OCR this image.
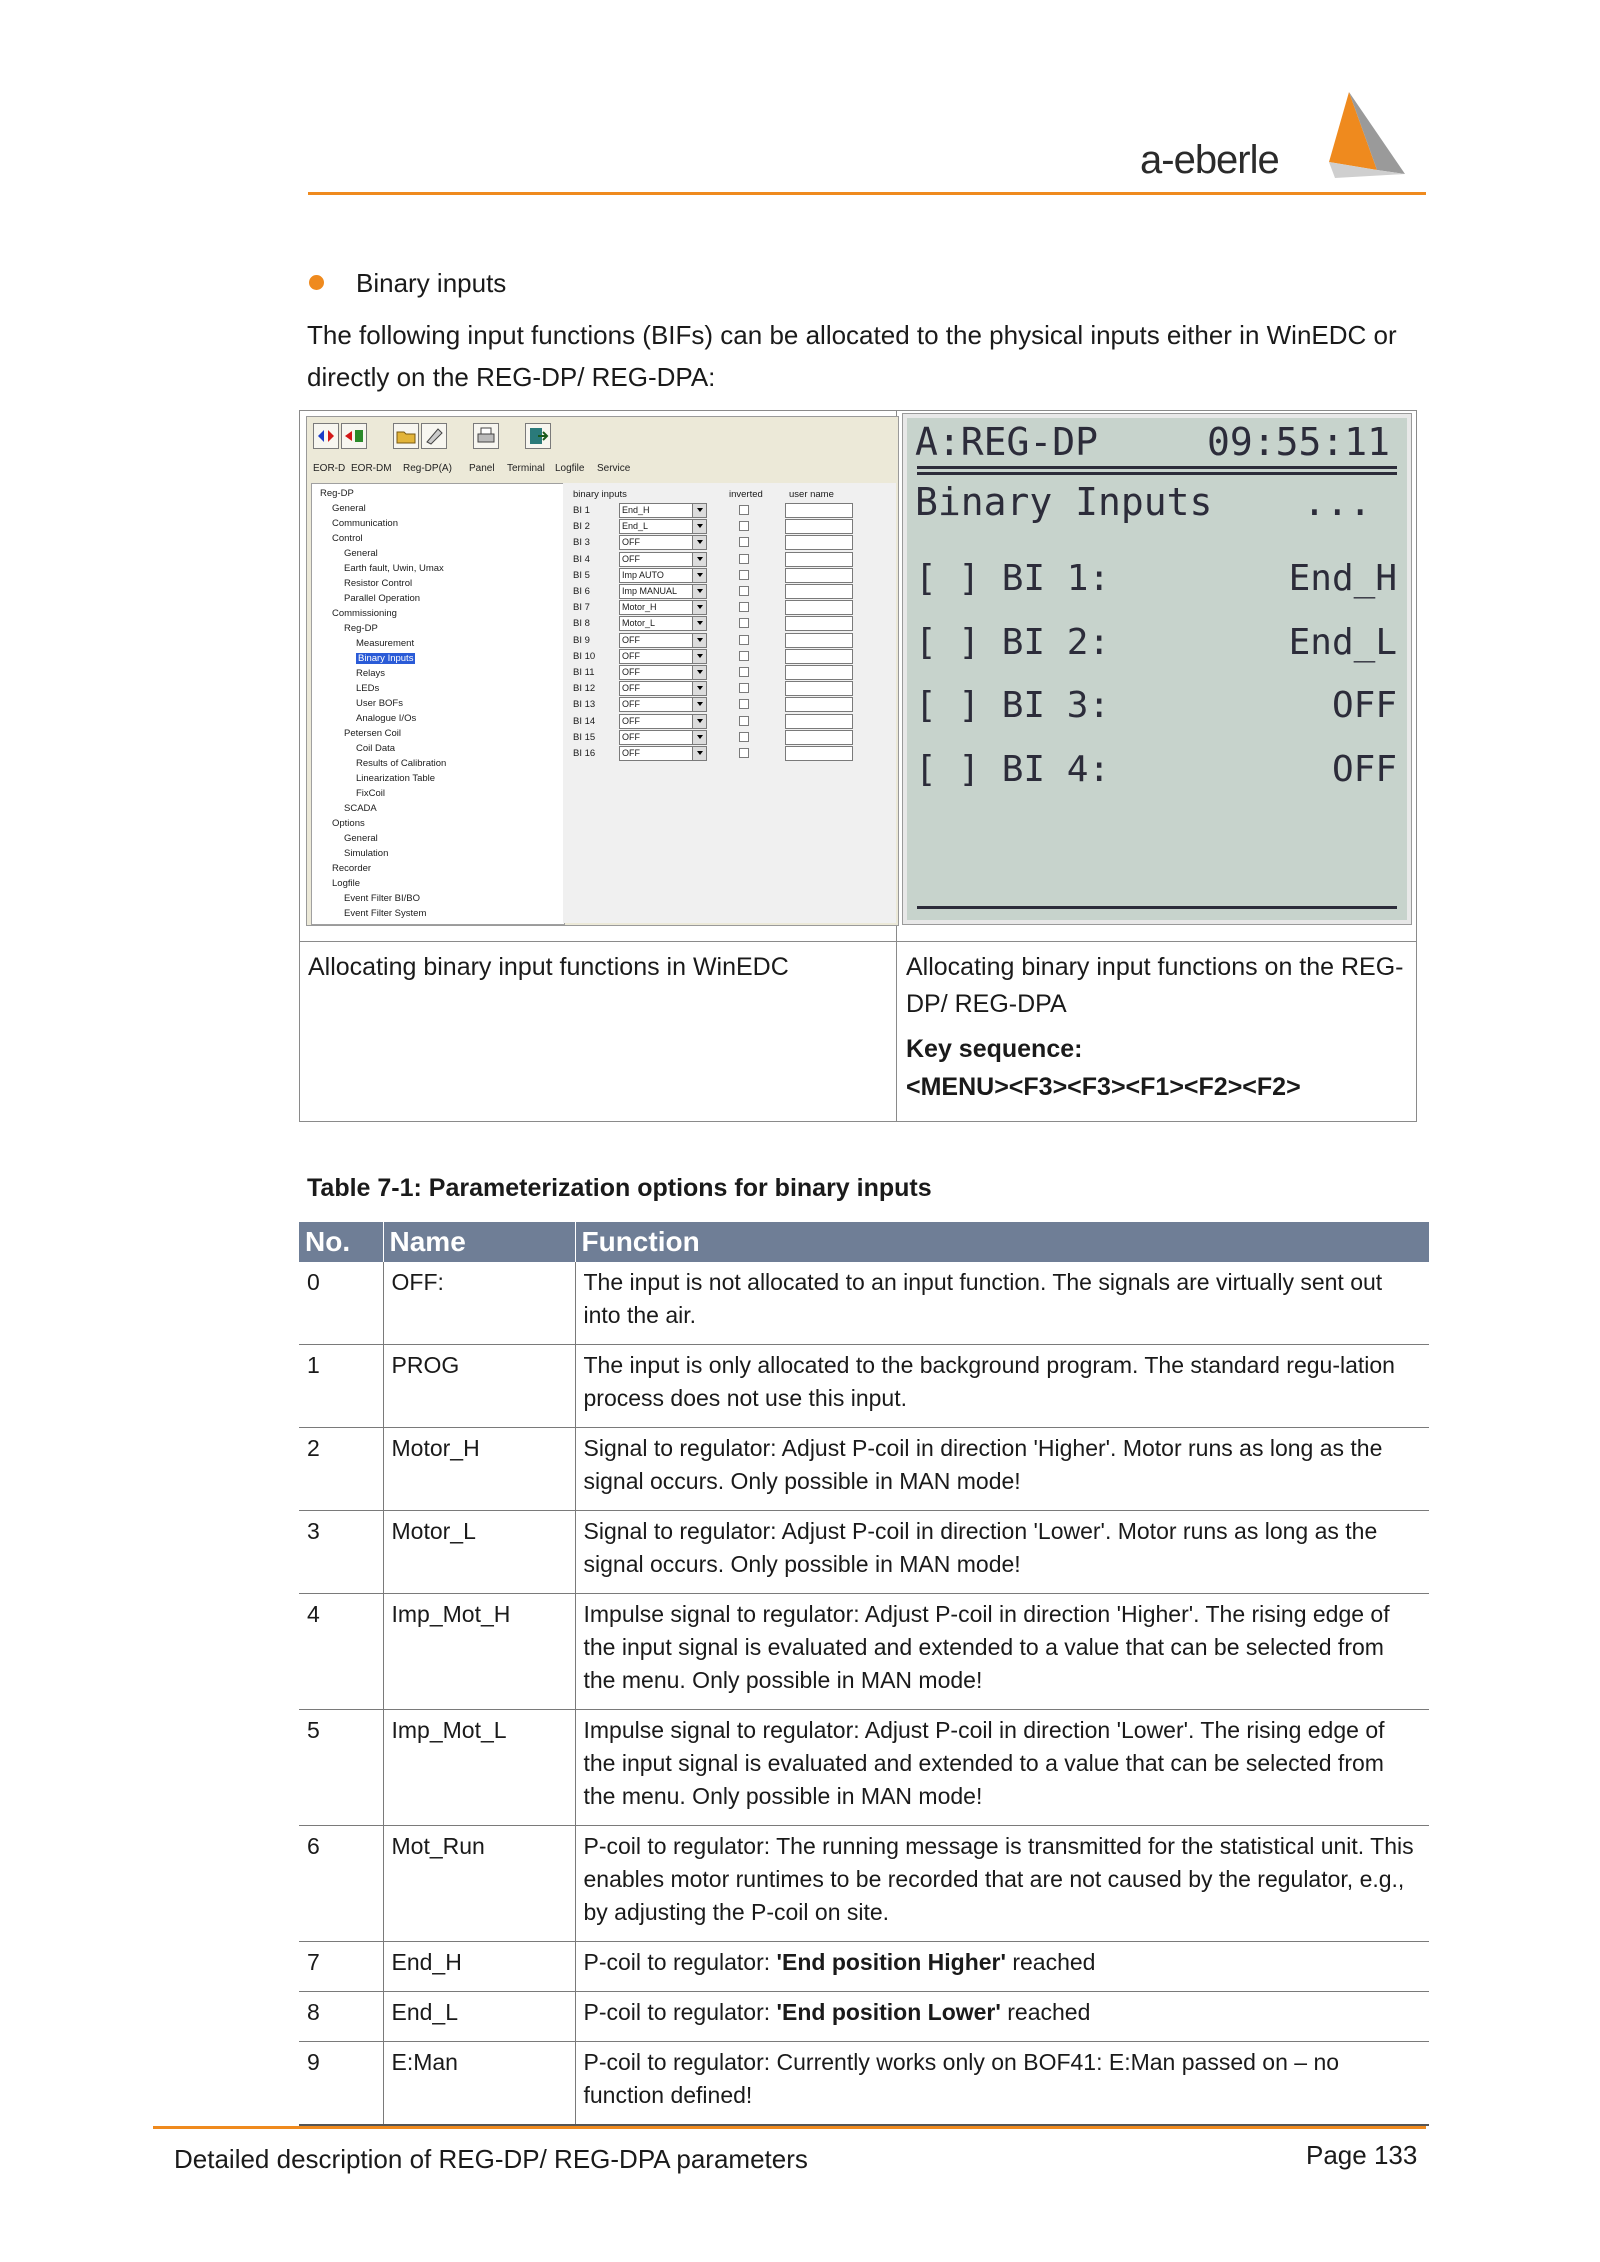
a-eberle
Binary inputs
The following input functions (BIFs) can be allocated to the physical inputs either in WinEDC or directly on the REG-DP/ REG-DPA:
Allocating binary input functions in WinEDC	Allocating binary input functions on the REG-DP/ REG-DPA
Key sequence:
<MENU><F3><F3><F1><F2><F2>
EOR-D EOR-DM Reg-DP(A) Panel Terminal Logfile Service
Reg-DP
General
Communication
Control
General
Earth fault, Uwin, Umax
Resistor Control
Parallel Operation
Commissioning
Reg-DP
Measurement
Binary Inputs
Relays
LEDs
User BOFs
Analogue I/Os
Petersen Coil
Coil Data
Results of Calibration
Linearization Table
FixCoil
SCADA
Options
General
Simulation
Recorder
Logfile
Event Filter BI/BO
Event Filter System
binary inputs	inverted	user name
BI 1	End_H
BI 2	End_L
BI 3	OFF
BI 4	OFF
BI 5	Imp AUTO
BI 6	Imp MANUAL
BI 7	Motor_H
BI 8	Motor_L
BI 9	OFF
BI 10	OFF
BI 11	OFF
BI 12	OFF
BI 13	OFF
BI 14	OFF
BI 15	OFF
BI 16	OFF
A:REG-DP	09:55:11
Binary Inputs ...
[ ] BI 1:	End_H
[ ] BI 2:	End_L
[ ] BI 3:	OFF
[ ] BI 4:	OFF
Table 7-1: Parameterization options for binary inputs
No.	Name	Function
0	OFF:	The input is not allocated to an input function. The signals are virtually sent out into the air.
1	PROG	The input is only allocated to the background program. The standard regu-lation process does not use this input.
2	Motor_H	Signal to regulator: Adjust P-coil in direction 'Higher'. Motor runs as long as the signal occurs. Only possible in MAN mode!
3	Motor_L	Signal to regulator: Adjust P-coil in direction 'Lower'. Motor runs as long as the signal occurs. Only possible in MAN mode!
4	Imp_Mot_H	Impulse signal to regulator: Adjust P-coil in direction 'Higher'. The rising edge of the input signal is evaluated and extended to a value that can be selected from the menu. Only possible in MAN mode!
5	Imp_Mot_L	Impulse signal to regulator: Adjust P-coil in direction 'Lower'. The rising edge of the input signal is evaluated and extended to a value that can be selected from the menu. Only possible in MAN mode!
6	Mot_Run	P-coil to regulator: The running message is transmitted for the statistical unit. This enables motor runtimes to be recorded that are not caused by the regulator, e.g., by adjusting the P-coil on site.
7	End_H	P-coil to regulator: 'End position Higher' reached
8	End_L	P-coil to regulator: 'End position Lower' reached
9	E:Man	P-coil to regulator: Currently works only on BOF41: E:Man passed on – no function defined!
Detailed description of REG-DP/ REG-DPA parameters	Page 133
